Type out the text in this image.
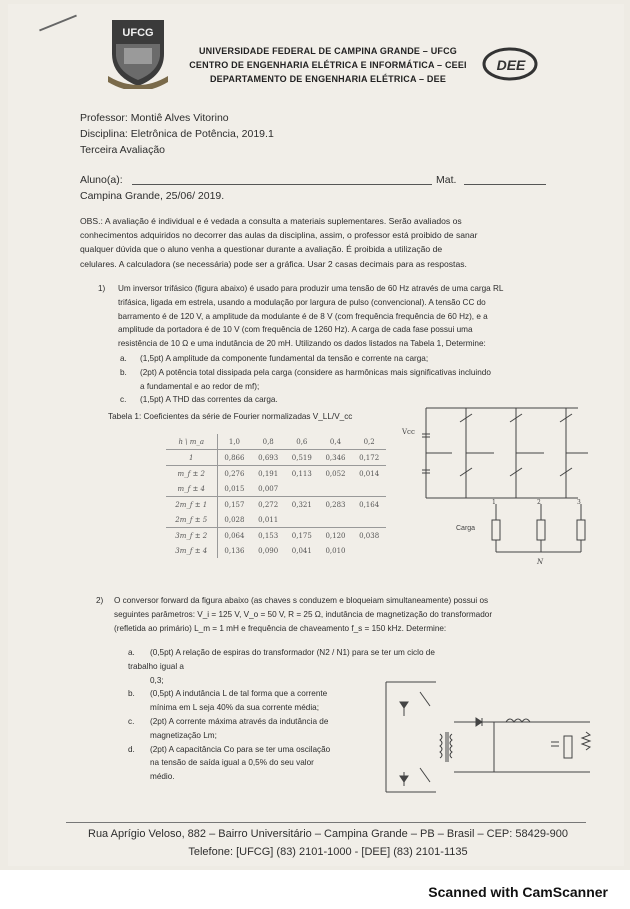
UFCG
UNIVERSIDADE FEDERAL DE CAMPINA GRANDE – UFCG
CENTRO DE ENGENHARIA ELÉTRICA E INFORMÁTICA – CEEI
DEPARTAMENTO DE ENGENHARIA ELÉTRICA – DEE
DEE
Professor: Montiê Alves Vitorino
Disciplina: Eletrônica de Potência, 2019.1
Terceira Avaliação
Aluno(a):	Mat.
Campina Grande, 25/06/ 2019.
OBS.: A avaliação é individual e é vedada a consulta a materiais suplementares. Serão avaliados os
conhecimentos adquiridos no decorrer das aulas da disciplina, assim, o professor está proibido de sanar
qualquer dúvida que o aluno venha a questionar durante a avaliação. É proibida a utilização de
celulares. A calculadora (se necessária) pode ser a gráfica. Usar 2 casas decimais para as respostas.
1) Um inversor trifásico (figura abaixo) é usado para produzir uma tensão de 60 Hz através de uma carga RL
trifásica, ligada em estrela, usando a modulação por largura de pulso (convencional). A tensão CC do
barramento é de 120 V, a amplitude da modulante é de 8 V (com frequência frequência de 60 Hz), e a
amplitude da portadora é de 10 V (com frequência de 1260 Hz). A carga de cada fase possui uma
resistência de 10 Ω e uma indutância de 20 mH. Utilizando os dados listados na Tabela 1, Determine:
a. (1,5pt) A amplitude da componente fundamental da tensão e corrente na carga;
b. (2pt) A potência total dissipada pela carga (considere as harmônicas mais significativas incluindo
a fundamental e ao redor de mf);
c. (1,5pt) A THD das correntes da carga.
Tabela 1: Coeficientes da série de Fourier normalizadas V_LL/V_cc
h \ m_a	1,0	0,8	0,6	0,4	0,2
1	0,866	0,693	0,519	0,346	0,172
m_f ± 2	0,276	0,191	0,113	0,052	0,014
m_f ± 4	0,015	0,007			
2m_f ± 1	0,157	0,272	0,321	0,283	0,164
2m_f ± 5	0,028	0,011			
3m_f ± 2	0,064	0,153	0,175	0,120	0,038
3m_f ± 4	0,136	0,090	0,041	0,010	
Vcc
1	2	3
Carga
N
2) O conversor forward da figura abaixo (as chaves s conduzem e bloqueiam simultaneamente) possui os
seguintes parâmetros: V_i = 125 V, V_o = 50 V, R = 25 Ω, indutância de magnetização do transformador
(refletida ao primário) L_m = 1 mH e frequência de chaveamento f_s = 150 kHz. Determine:
a. (0,5pt) A relação de espiras do transformador (N2 / N1) para se ter um ciclo de trabalho igual a
0,3;
b. (0,5pt) A indutância L de tal forma que a corrente
mínima em L seja 40% da sua corrente média;
c. (2pt) A corrente máxima através da indutância de
magnetização Lm;
d. (2pt) A capacitância Co para se ter uma oscilação
na tensão de saída igual a 0,5% do seu valor
médio.
Rua Aprígio Veloso, 882 – Bairro Universitário – Campina Grande – PB – Brasil – CEP: 58429-900
Telefone: [UFCG] (83) 2101-1000 - [DEE] (83) 2101-1135
Scanned with CamScanner
